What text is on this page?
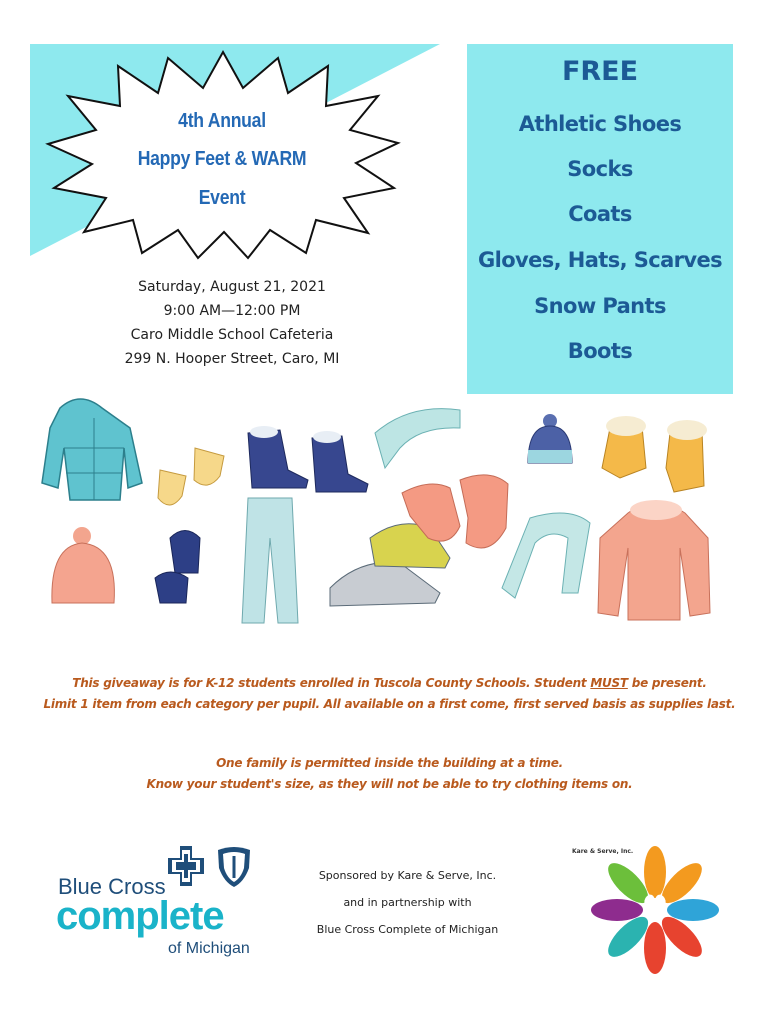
4th Annual
Happy Feet & WARM
Event
Saturday, August 21, 2021
9:00 AM—12:00 PM
Caro Middle School Cafeteria
299 N. Hooper Street, Caro, MI
FREE
Athletic Shoes
Socks
Coats
Gloves, Hats, Scarves
Snow Pants
Boots
This giveaway is for K-12 students enrolled in Tuscola County Schools. Student MUST be present.
Limit 1 item from each category per pupil. All available on a first come, first served basis as supplies last.
One family is permitted inside the building at a time.
Know your student's size, as they will not be able to try clothing items on.
Blue Cross
complete
of Michigan
Sponsored by Kare & Serve, Inc.
and in partnership with
Blue Cross Complete of Michigan
Kare & Serve, Inc.
